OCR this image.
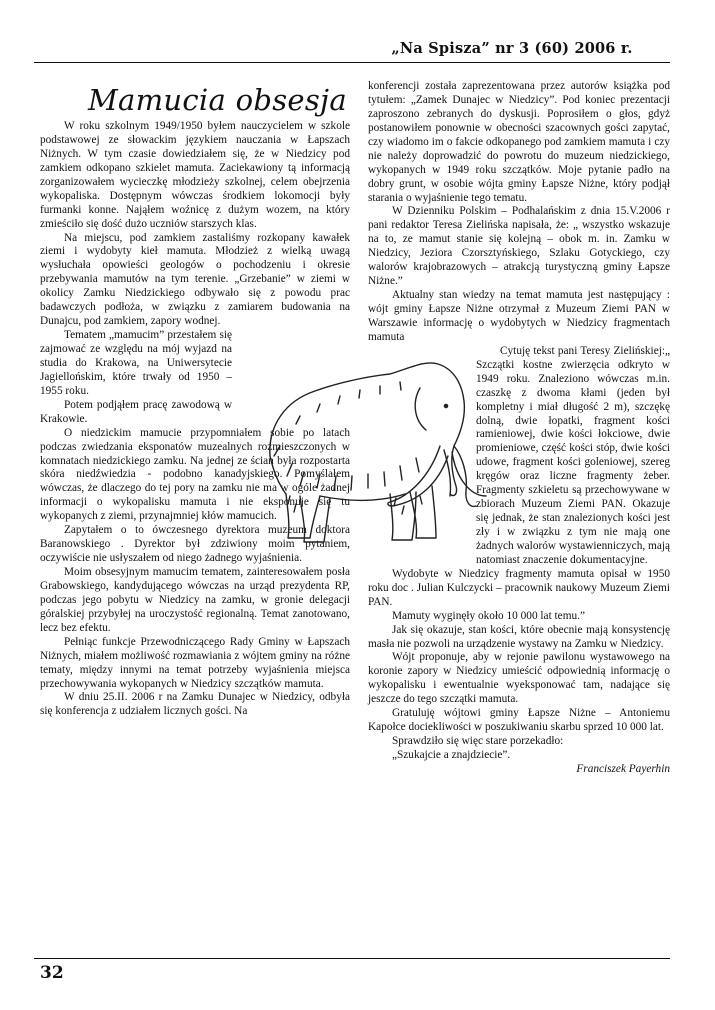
„Na Spisza” nr 3 (60) 2006 r.
Mamucia obsesja

W roku szkolnym 1949/1950 byłem nauczycielem w szkole podstawowej ze słowackim językiem nauczania w Łapszach Niżnych. W tym czasie dowiedziałem się, że w Niedzicy pod zamkiem odkopano szkielet mamuta. Zaciekawiony tą informacją zorganizowałem wycieczkę młodzieży szkolnej, celem obejrzenia wykopaliska. Dostępnym wówczas środkiem lokomocji były furmanki konne. Nająłem woźnicę z dużym wozem, na który zmieściło się dość dużo uczniów starszych klas.

Na miejscu, pod zamkiem zastaliśmy rozkopany kawałek ziemi i wydobyty kieł mamuta. Młodzież z wielką uwagą wysłuchała opowieści geologów o pochodzeniu i okresie przebywania mamutów na tym terenie. „Grzebanie” w ziemi w okolicy Zamku Niedzickiego odbywało się z powodu prac badawczych podłoża, w związku z zamiarem budowania na Dunajcu, pod zamkiem, zapory wodnej.

Tematem „mamucim” przestałem się zajmować ze względu na mój wyjazd na studia do Krakowa, na Uniwersytecie Jagiellońskim, które trwały od 1950 – 1955 roku.

Potem podjąłem pracę zawodową w Krakowie.

O niedzickim mamucie przypomniałem sobie po latach podczas zwiedzania eksponatów muzealnych rozmieszczonych w komnatach niedzickiego zamku. Na jednej ze ścian była rozpostarta skóra niedźwiedzia - podobno kanadyjskiego. Pomyślałem wówczas, że dlaczego do tej pory na zamku nie ma w ogóle żadnej informacji o wykopalisku mamuta i nie eksponuje się tu wykopanych z ziemi, przynajmniej kłów mamucich.

Zapytałem o to ówczesnego dyrektora muzeum doktora Baranowskiego . Dyrektor był zdziwiony moim pytaniem, oczywiście nie usłyszałem od niego żadnego wyjaśnienia.

Moim obsesyjnym mamucim tematem, zainteresowałem posła Grabowskiego, kandydującego wówczas na urząd prezydenta RP, podczas jego pobytu w Niedzicy na zamku, w gronie delegacji góralskiej przybyłej na uroczystość regionalną. Temat zanotowano, lecz bez efektu.

Pełniąc funkcje Przewodniczącego Rady Gminy w Łapszach Niżnych, miałem możliwość rozmawiania z wójtem gminy na różne tematy, między innymi na temat potrzeby wyjaśnienia miejsca przechowywania wykopanych w Niedzicy szczątków mamuta.

W dniu 25.II. 2006 r na Zamku Dunajec w Niedzicy, odbyła się konferencja z udziałem licznych gości. Na

konferencji została zaprezentowana przez autorów książka pod tytułem: „Zamek Dunajec w Niedzicy”. Pod koniec prezentacji zaproszono zebranych do dyskusji. Poprosiłem o głos, gdyż postanowiłem ponownie w obecności szacownych gości zapytać, czy wiadomo im o fakcie odkopanego pod zamkiem mamuta i czy nie należy doprowadzić do powrotu do muzeum niedzickiego, wykopanych w 1949 roku szczątków. Moje pytanie padło na dobry grunt, w osobie wójta gminy Łapsze Niżne, który podjął starania o wyjaśnienie tego tematu.

W Dzienniku Polskim – Podhalańskim z dnia 15.V.2006 r pani redaktor Teresa Zielińska napisała, że: „ wszystko wskazuje na to, ze mamut stanie się kolejną – obok m. in. Zamku w Niedzicy, Jeziora Czorsztyńskiego, Szlaku Gotyckiego, czy walorów krajobrazowych – atrakcją turystyczną gminy Łapsze Niżne.”

Aktualny stan wiedzy na temat mamuta jest następujący : wójt gminy Łapsze Niżne otrzymał z Muzeum Ziemi PAN w Warszawie informację o wydobytych w Niedzicy fragmentach mamuta

Cytuję tekst pani Teresy Zielińskiej:„ Szczątki kostne zwierzęcia odkryto w 1949 roku. Znaleziono wówczas m.in. czaszkę z dwoma kłami (jeden był kompletny i miał długość 2 m), szczękę dolną, dwie łopatki, fragment kości ramieniowej, dwie kości łokciowe, dwie promieniowe, część kości stóp, dwie kości udowe, fragment kości goleniowej, szereg kręgów oraz liczne fragmenty żeber. Fragmenty szkieletu są przechowywane w zbiorach Muzeum Ziemi PAN. Okazuje się jednak, że stan znalezionych kości jest zły i w związku z tym nie mają one żadnych walorów wystawienniczych, mają natomiast znaczenie dokumentacyjne.

Wydobyte w Niedzicy fragmenty mamuta opisał w 1950 roku doc . Julian Kulczycki – pracownik naukowy Muzeum Ziemi PAN.

Mamuty wyginęły około 10 000 lat temu.”

Jak się okazuje, stan kości, które obecnie mają konsystencję masła nie pozwoli na urządzenie wystawy na Zamku w Niedzicy.

Wójt proponuje, aby w rejonie pawilonu wystawowego na koronie zapory w Niedzicy umieścić odpowiednią informację o wykopalisku i ewentualnie wyeksponować tam, nadające się jeszcze do tego szczątki mamuta.

Gratuluję wójtowi gminy Łapsze Niżne – Antoniemu Kapołce dociekliwości w poszukiwaniu skarbu sprzed 10 000 lat.

Sprawdziło się więc stare porzekadło:

„Szukajcie a znajdziecie”.

Franciszek Payerhin

32
